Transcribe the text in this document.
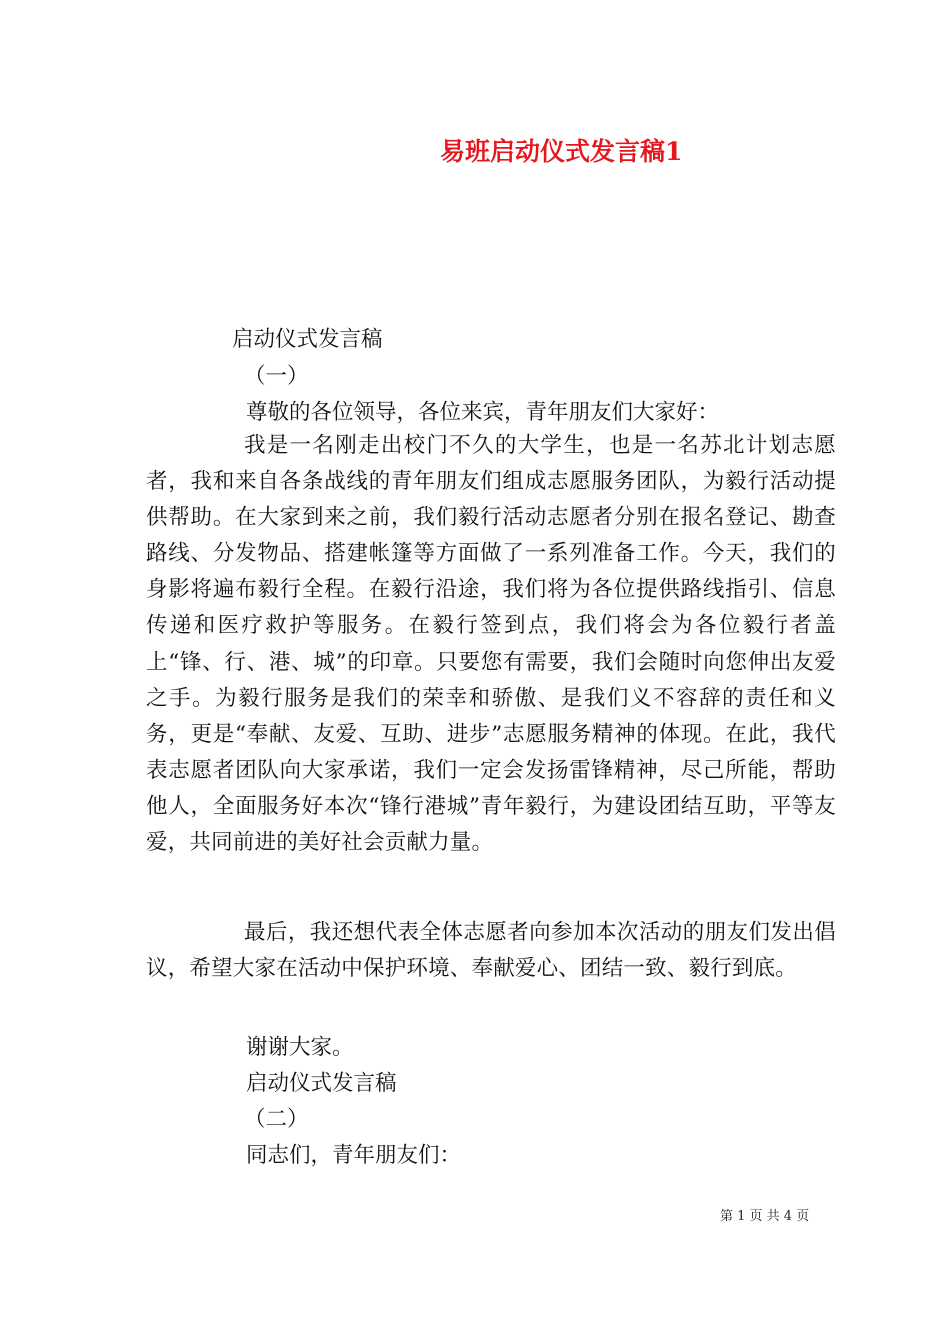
易班启动仪式发言稿1

启动仪式发言稿

（一）

尊敬的各位领导，各位来宾，青年朋友们大家好：

我是一名刚走出校门不久的大学生，也是一名苏北计划志愿者，我和来自各条战线的青年朋友们组成志愿服务团队，为毅行活动提供帮助。在大家到来之前，我们毅行活动志愿者分别在报名登记、勘查路线、分发物品、搭建帐篷等方面做了一系列准备工作。今天，我们的身影将遍布毅行全程。在毅行沿途，我们将为各位提供路线指引、信息传递和医疗救护等服务。在毅行签到点，我们将会为各位毅行者盖上“锋、行、港、城”的印章。只要您有需要，我们会随时向您伸出友爱之手。为毅行服务是我们的荣幸和骄傲、是我们义不容辞的责任和义务，更是“奉献、友爱、互助、进步”志愿服务精神的体现。在此，我代表志愿者团队向大家承诺，我们一定会发扬雷锋精神，尽己所能，帮助他人，全面服务好本次“锋行港城”青年毅行，为建设团结互助，平等友爱，共同前进的美好社会贡献力量。

最后，我还想代表全体志愿者向参加本次活动的朋友们发出倡议，希望大家在活动中保护环境、奉献爱心、团结一致、毅行到底。

谢谢大家。

启动仪式发言稿

（二）

同志们，青年朋友们：

第 1 页 共 4 页
